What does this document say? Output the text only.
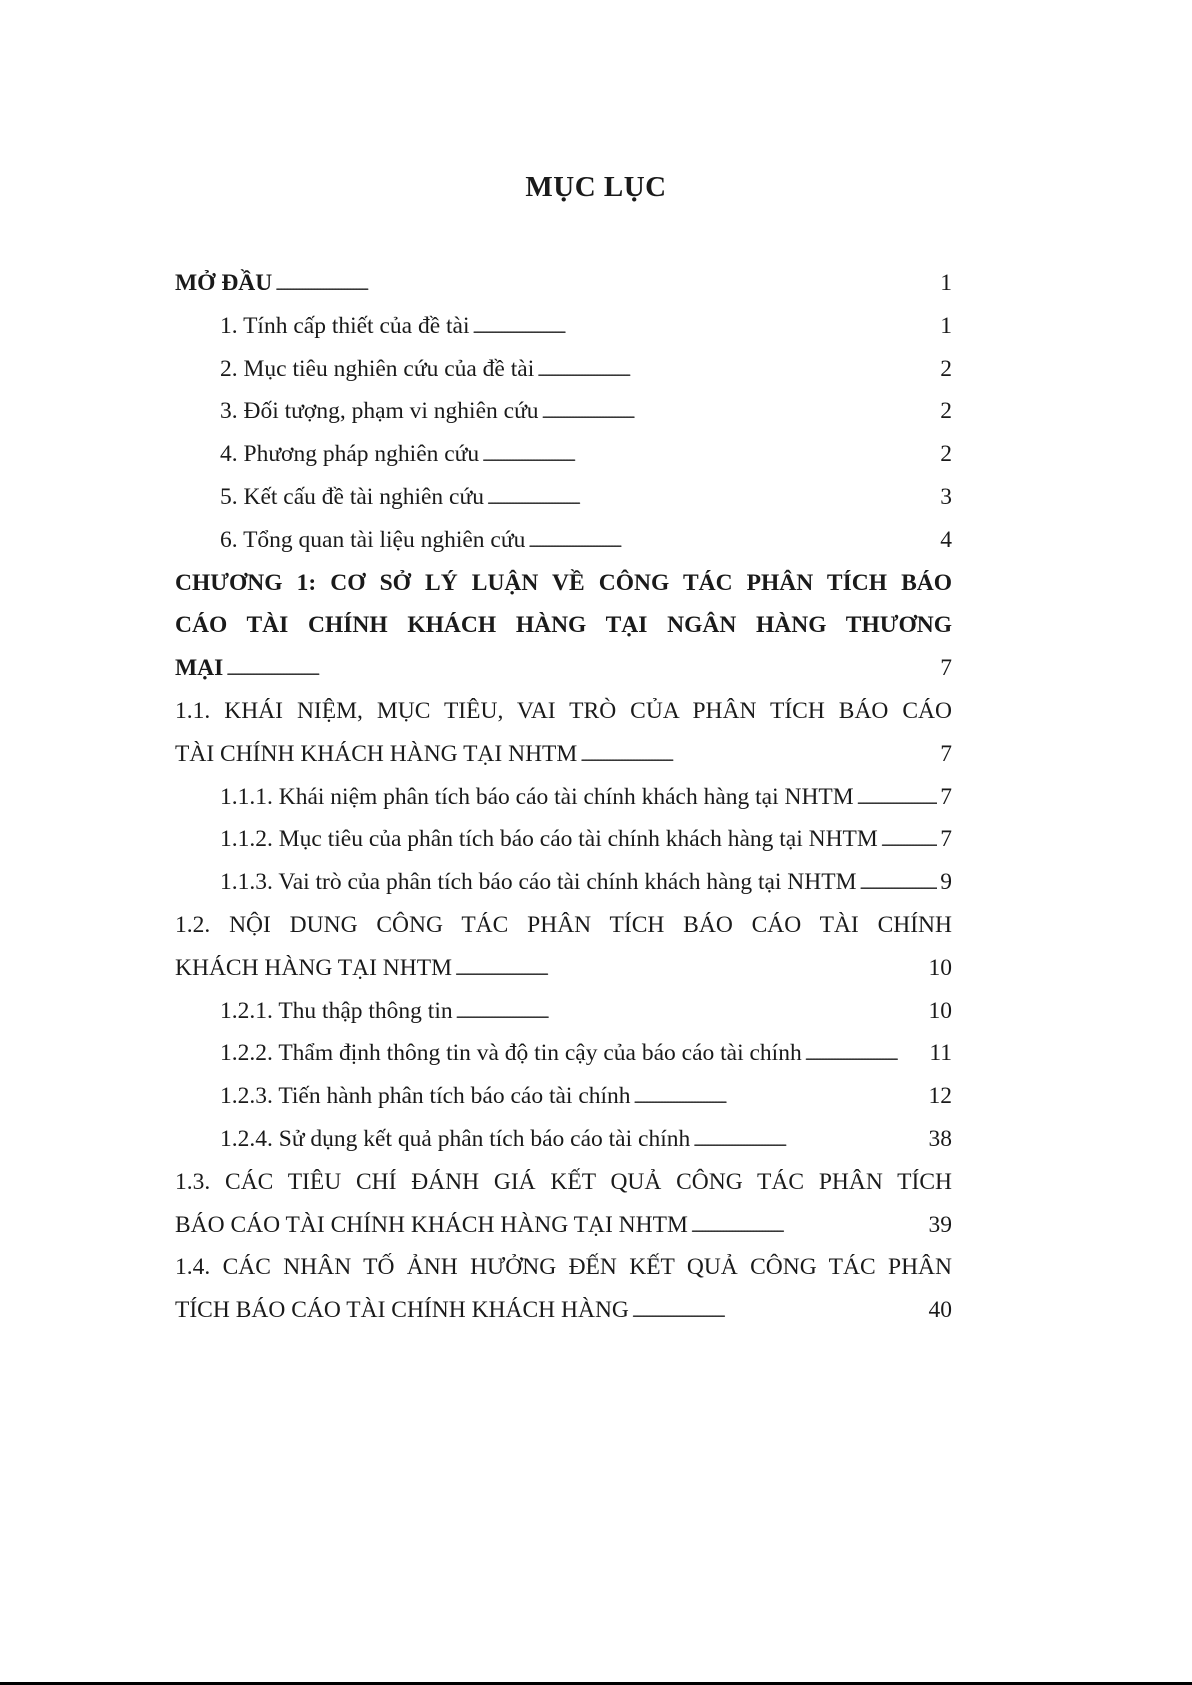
MỤC LỤC
MỞ ĐẦU . . .	1
1. Tính cấp thiết của đề tài . . .	1
2. Mục tiêu nghiên cứu của đề tài . . .	2
3. Đối tượng, phạm vi nghiên cứu . . .	2
4. Phương pháp nghiên cứu . . .	2
5. Kết cấu đề tài nghiên cứu . . .	3
6. Tổng quan tài liệu nghiên cứu . . .	4
CHƯƠNG 1: CƠ SỞ LÝ LUẬN VỀ CÔNG TÁC PHÂN TÍCH BÁO
CÁO TÀI CHÍNH KHÁCH HÀNG TẠI NGÂN HÀNG THƯƠNG
MẠI . . .	7
1.1. KHÁI NIỆM, MỤC TIÊU, VAI TRÒ CỦA PHÂN TÍCH BÁO CÁO
TÀI CHÍNH KHÁCH HÀNG TẠI NHTM . . .	7
1.1.1. Khái niệm phân tích báo cáo tài chính khách hàng tại NHTM . . .	7
1.1.2. Mục tiêu của phân tích báo cáo tài chính khách hàng tại NHTM . . .	7
1.1.3. Vai trò của phân tích báo cáo tài chính khách hàng tại NHTM . . .	9
1.2. NỘI DUNG CÔNG TÁC PHÂN TÍCH BÁO CÁO TÀI CHÍNH
KHÁCH HÀNG TẠI NHTM . . .	10
1.2.1. Thu thập thông tin . . .	10
1.2.2. Thẩm định thông tin và độ tin cậy của báo cáo tài chính . . .	11
1.2.3. Tiến hành phân tích báo cáo tài chính . . .	12
1.2.4. Sử dụng kết quả phân tích báo cáo tài chính . . .	38
1.3. CÁC TIÊU CHÍ ĐÁNH GIÁ KẾT QUẢ CÔNG TÁC PHÂN TÍCH
BÁO CÁO TÀI CHÍNH KHÁCH HÀNG TẠI NHTM . . .	39
1.4. CÁC NHÂN TỐ ẢNH HƯỞNG ĐẾN KẾT QUẢ CÔNG TÁC PHÂN
TÍCH BÁO CÁO TÀI CHÍNH KHÁCH HÀNG . . .	40
